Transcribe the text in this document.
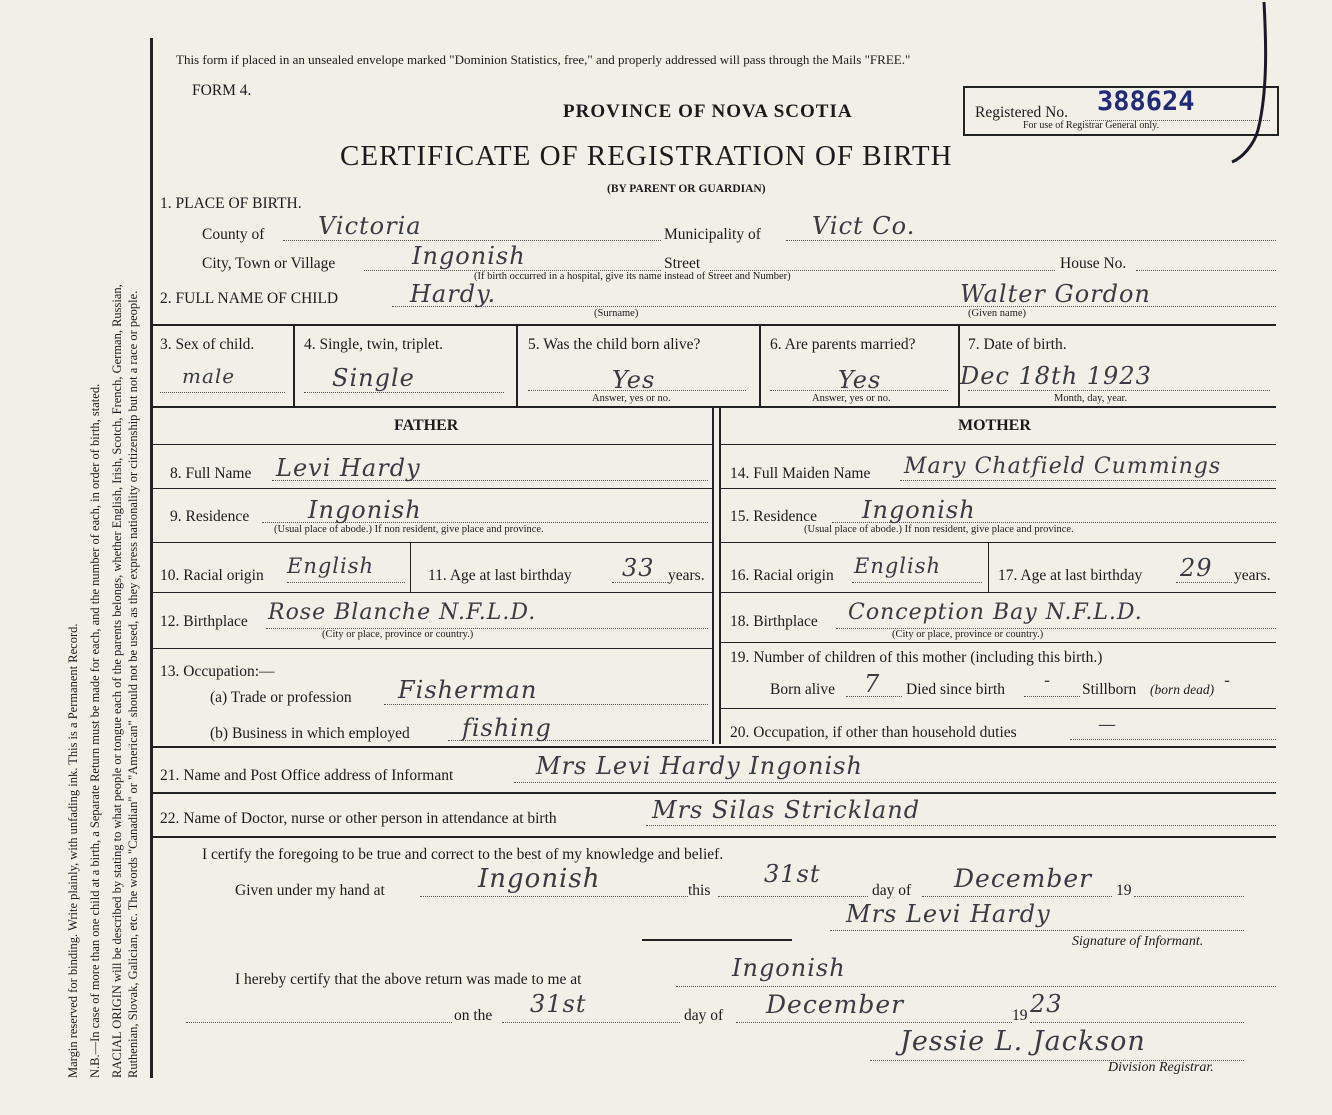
Margin reserved for binding. Write plainly, with unfading ink. This is a Permanent Record. N.B.—In case of more than one child at a birth, a Separate Return must be made for each, and the number of each, in order of birth, stated. RACIAL ORIGIN will be described by stating to what people or tongue each of the parents belongs, whether English, Irish, Scotch, French, German, Russian, Ruthenian, Slovak, Galician, etc. The words "Canadian" or "American" should not be used, as they express nationality or citizenship but not a race or people.
This form if placed in an unsealed envelope marked "Dominion Statistics, free," and properly addressed will pass through the Mails "FREE."
FORM 4.
PROVINCE OF NOVA SCOTIA
CERTIFICATE OF REGISTRATION OF BIRTH
(BY PARENT OR GUARDIAN)
Registered No. 388624
For use of Registrar General only.
1. PLACE OF BIRTH.
County of Victoria	Municipality of Vict Co.
City, Town or Village	Ingonish	Street	House No.
(If birth occurred in a hospital, give its name instead of Street and Number)
2. FULL NAME OF CHILD	Hardy.
(Surname)
Walter Gordon
(Given name)
3. Sex of child.
male
4. Single, twin, triplet.
Single
5. Was the child born alive?
Yes
Answer, yes or no.
6. Are parents married?
Yes
Answer, yes or no.
7. Date of birth.
Dec 18th 1923
Month, day, year.
FATHER	MOTHER
8. Full Name Levi Hardy
9. Residence Ingonish
(Usual place of abode.) If non resident, give place and province.
10. Racial origin English	11. Age at last birthday 33 years.
12. Birthplace Rose Blanche N.F.L.D.
(City or place, province or country.)
13. Occupation:—
(a) Trade or profession Fisherman
(b) Business in which employed fishing
14. Full Maiden Name Mary Chatfield Cummings
15. Residence Ingonish
(Usual place of abode.) If non resident, give place and province.
16. Racial origin English	17. Age at last birthday 29 years.
18. Birthplace Conception Bay N.F.L.D.
(City or place, province or country.)
19. Number of children of this mother (including this birth.)
Born alive 7 Died since birth - Stillborn (born dead) -
20. Occupation, if other than household duties	—
21. Name and Post Office address of Informant	Mrs Levi Hardy Ingonish
22. Name of Doctor, nurse or other person in attendance at birth	Mrs Silas Strickland
I certify the foregoing to be true and correct to the best of my knowledge and belief.
Given under my hand at	Ingonish	this
31st
day of December 19
Mrs Levi Hardy
Signature of Informant.
I hereby certify that the above return was made to me at	Ingonish
on the 31st	day of December	19 23
Jessie L. Jackson
Division Registrar.
